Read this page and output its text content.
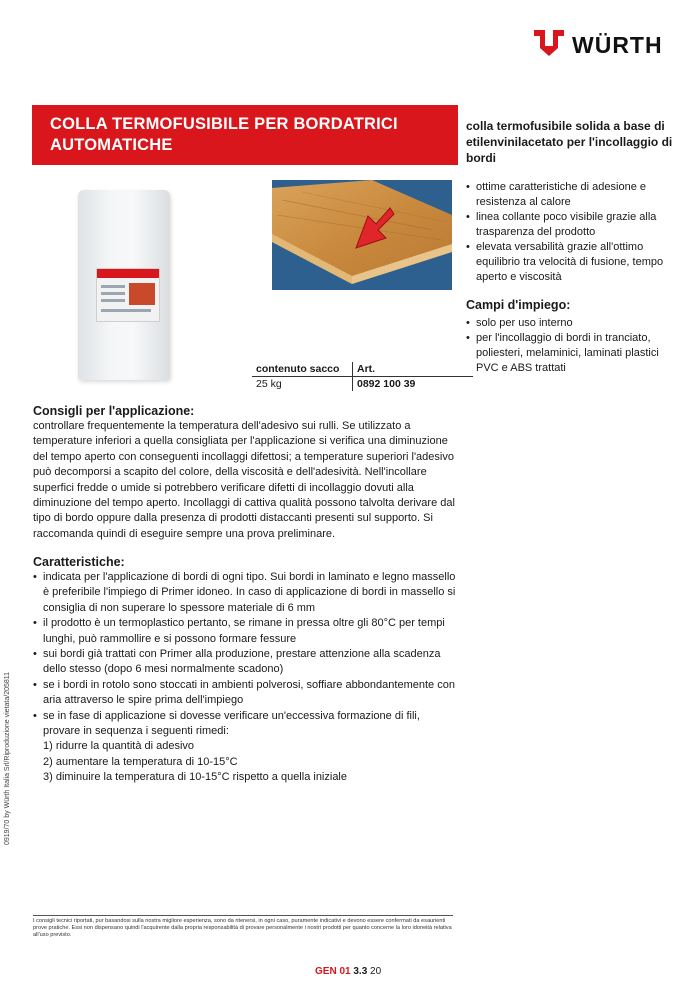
WÜRTH
COLLA TERMOFUSIBILE PER BORDATRICI AUTOMATICHE
colla termofusibile solida a base di etilenvinilacetato per l'incollaggio di bordi
• ottime caratteristiche di adesione e resistenza al calore
• linea collante poco visibile grazie alla trasparenza del prodotto
• elevata versabilità grazie all'ottimo equilibrio tra velocità di fusione, tempo aperto e viscosità
Campi d'impiego:
• solo per uso interno
• per l'incollaggio di bordi in tranciato, poliesteri, melaminici, laminati plastici PVC e ABS trattati
contenuto sacco	Art.
25 kg	0892 100 39
Consigli per l'applicazione:

controllare frequentemente la temperatura dell'adesivo sui rulli. Se utilizzato a temperature inferiori a quella consigliata per l'applicazione si verifica una diminuzione del tempo aperto con conseguenti incollaggi difettosi; a temperature superiori l'adesivo può decomporsi a scapito del colore, della viscosità e dell'adesività. Nell'incollare superfici fredde o umide si potrebbero verificare difetti di incollaggio dovuti alla diminuzione del tempo aperto. Incollaggi di cattiva qualità possono talvolta derivare dal tipo di bordo oppure dalla presenza di prodotti distaccanti presenti sul supporto. Si raccomanda quindi di eseguire sempre una prova preliminare.

Caratteristiche:
• indicata per l'applicazione di bordi di ogni tipo. Sui bordi in laminato e legno massello è preferibile l'impiego di Primer idoneo. In caso di applicazione di bordi in massello si consiglia di non superare lo spessore materiale di 6 mm
• il prodotto è un termoplastico pertanto, se rimane in pressa oltre gli 80°C per tempi lunghi, può rammollire e si possono formare fessure
• sui bordi già trattati con Primer alla produzione, prestare attenzione alla scadenza dello stesso (dopo 6 mesi normalmente scadono)
• se i bordi in rotolo sono stoccati in ambienti polverosi, soffiare abbondantemente con aria attraverso le spire prima dell'impiego
• se in fase di applicazione si dovesse verificare un'eccessiva formazione di fili, provare in sequenza i seguenti rimedi:
1) ridurre la quantità di adesivo
2) aumentare la temperatura di 10-15°C
3) diminuire la temperatura di 10-15°C rispetto a quella iniziale
0919/70 by Würth Italia Srl/Riproduzione vietata/205811
I consigli tecnici riportati, pur basandosi sulla nostra migliore esperienza, sono da ritenersi, in ogni caso, puramente indicativi e devono essere confermati da esaurienti prove pratiche. Essi non dispensano quindi l'acquirente dalla propria responsabilità di provare personalmente i nostri prodotti per quanto concerne la loro idoneità relativa all'uso previsto.
GEN 01 3.3 20
